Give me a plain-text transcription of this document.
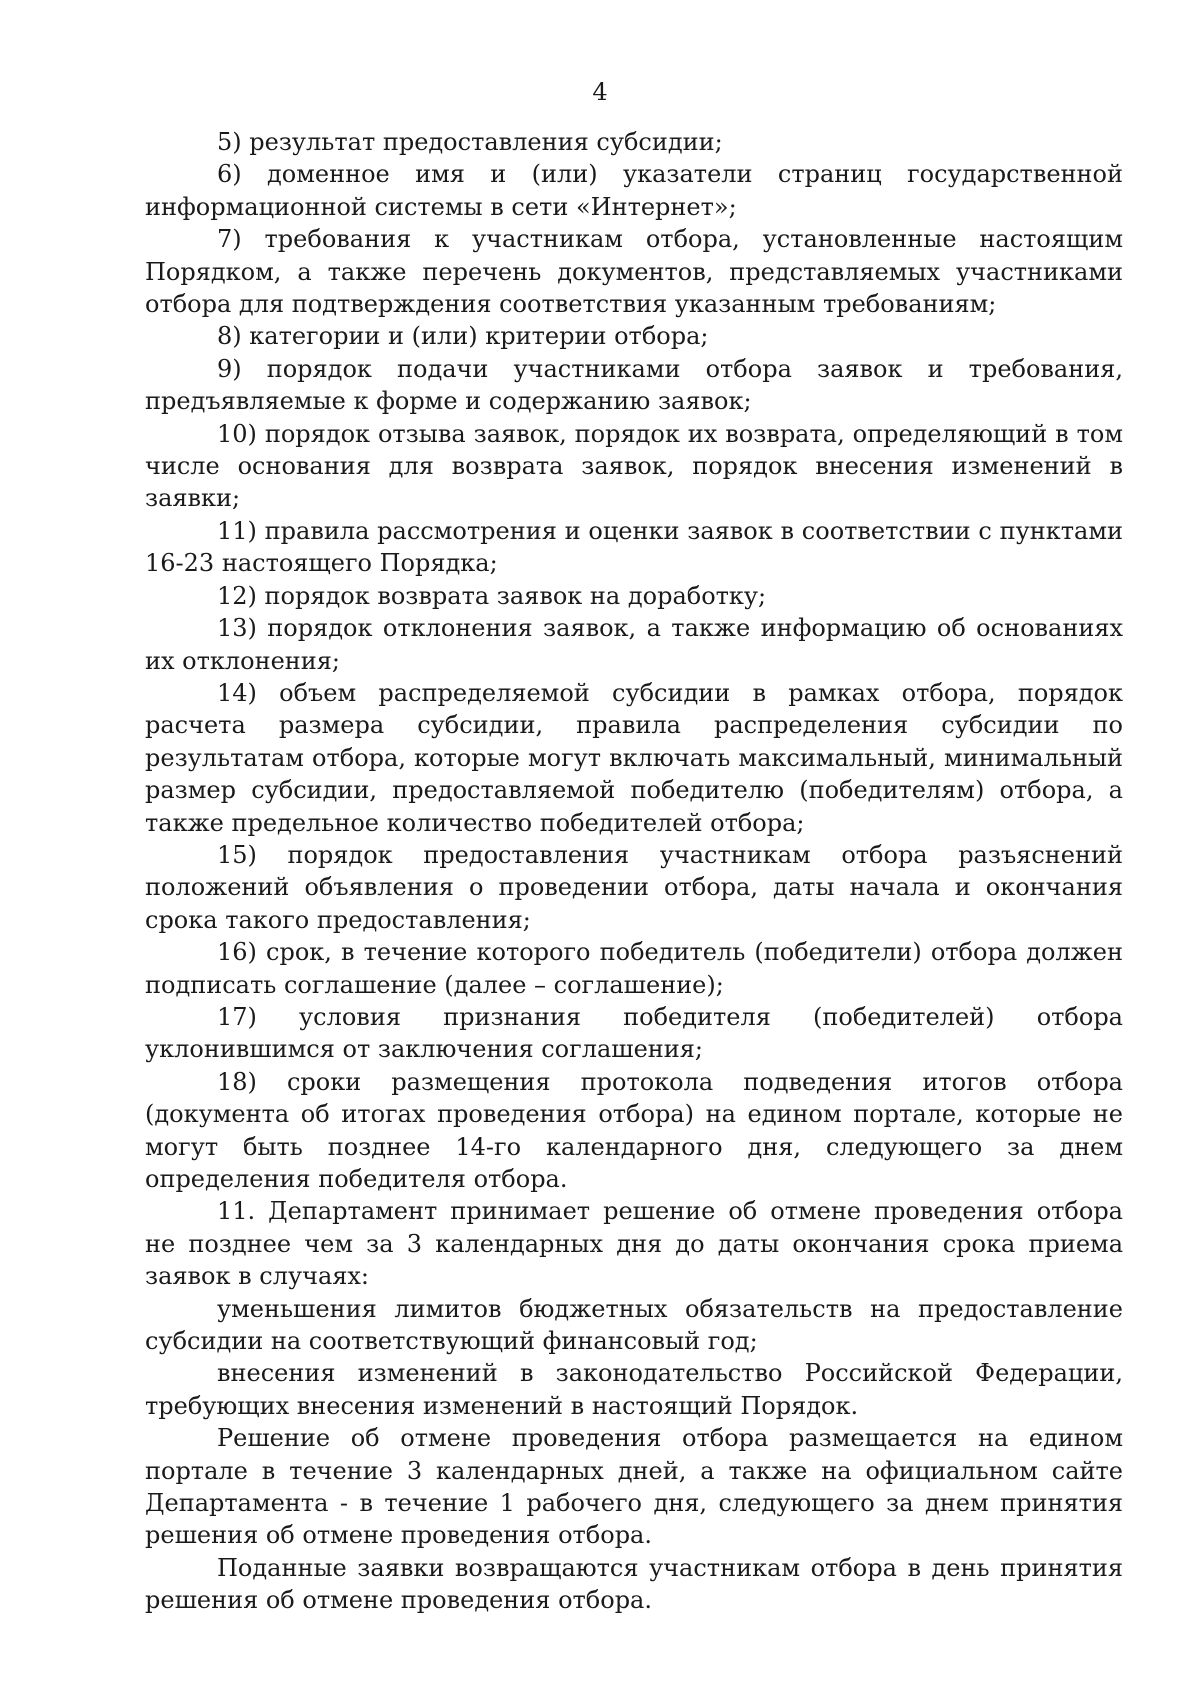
4

5) результат предоставления субсидии;

6) доменное имя и (или) указатели страниц государственной информационной системы в сети «Интернет»;

7) требования к участникам отбора, установленные настоящим Порядком, а также перечень документов, представляемых участниками отбора для подтверждения соответствия указанным требованиям;

8) категории и (или) критерии отбора;

9) порядок подачи участниками отбора заявок и требования, предъявляемые к форме и содержанию заявок;

10) порядок отзыва заявок, порядок их возврата, определяющий в том числе основания для возврата заявок, порядок внесения изменений в заявки;

11) правила рассмотрения и оценки заявок в соответствии с пунктами 16-23 настоящего Порядка;

12) порядок возврата заявок на доработку;

13) порядок отклонения заявок, а также информацию об основаниях их отклонения;

14) объем распределяемой субсидии в рамках отбора, порядок расчета размера субсидии, правила распределения субсидии по результатам отбора, которые могут включать максимальный, минимальный размер субсидии, предоставляемой победителю (победителям) отбора, а также предельное количество победителей отбора;

15) порядок предоставления участникам отбора разъяснений положений объявления о проведении отбора, даты начала и окончания срока такого предоставления;

16) срок, в течение которого победитель (победители) отбора должен подписать соглашение (далее – соглашение);

17) условия признания победителя (победителей) отбора уклонившимся от заключения соглашения;

18) сроки размещения протокола подведения итогов отбора (документа об итогах проведения отбора) на едином портале, которые не могут быть позднее 14-го календарного дня, следующего за днем определения победителя отбора.

11. Департамент принимает решение об отмене проведения отбора не позднее чем за 3 календарных дня до даты окончания срока приема заявок в случаях:

уменьшения лимитов бюджетных обязательств на предоставление субсидии на соответствующий финансовый год;

внесения изменений в законодательство Российской Федерации, требующих внесения изменений в настоящий Порядок.

Решение об отмене проведения отбора размещается на едином портале в течение 3 календарных дней, а также на официальном сайте Департамента - в течение 1 рабочего дня, следующего за днем принятия решения об отмене проведения отбора.

Поданные заявки возвращаются участникам отбора в день принятия решения об отмене проведения отбора.
